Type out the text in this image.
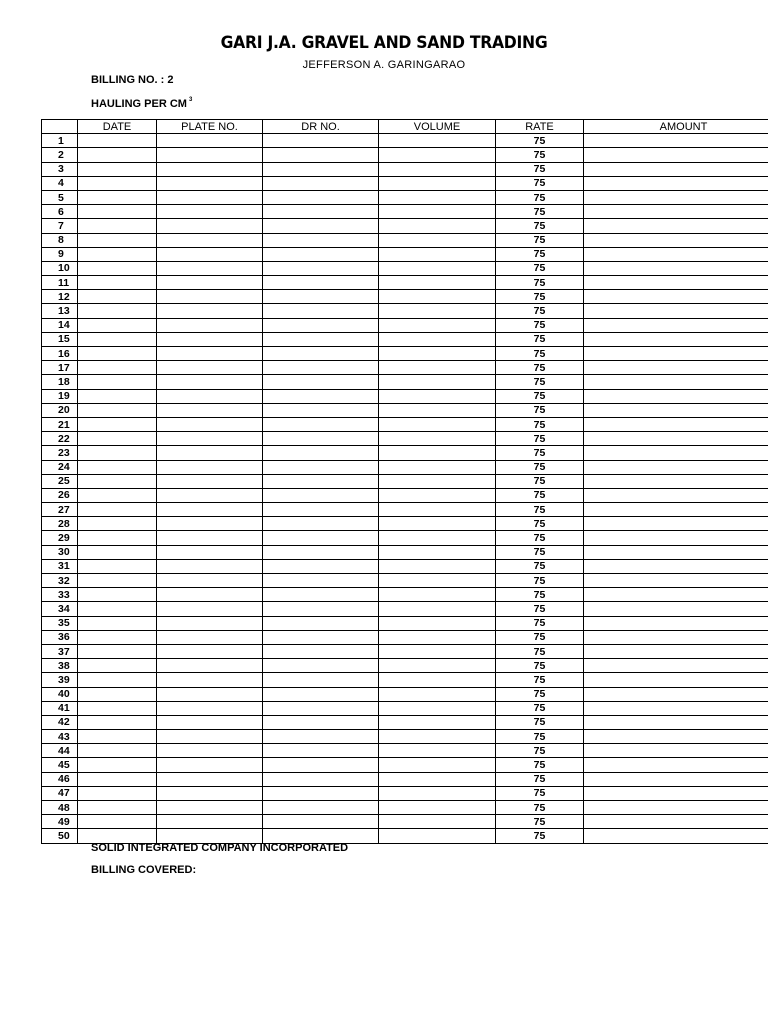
GARI J.A. GRAVEL AND SAND TRADING
JEFFERSON A. GARINGARAO
BILLING NO. : 2
HAULING PER CM $^3$
	DATE	PLATE NO.	DR NO.	VOLUME	RATE	AMOUNT
1					75	
2					75	
3					75	
4					75	
5					75	
6					75	
7					75	
8					75	
9					75	
10					75	
11					75	
12					75	
13					75	
14					75	
15					75	
16					75	
17					75	
18					75	
19					75	
20					75	
21					75	
22					75	
23					75	
24					75	
25					75	
26					75	
27					75	
28					75	
29					75	
30					75	
31					75	
32					75	
33					75	
34					75	
35					75	
36					75	
37					75	
38					75	
39					75	
40					75	
41					75	
42					75	
43					75	
44					75	
45					75	
46					75	
47					75	
48					75	
49					75	
50					75	
SOLID INTEGRATED COMPANY INCORPORATED
BILLING COVERED:
